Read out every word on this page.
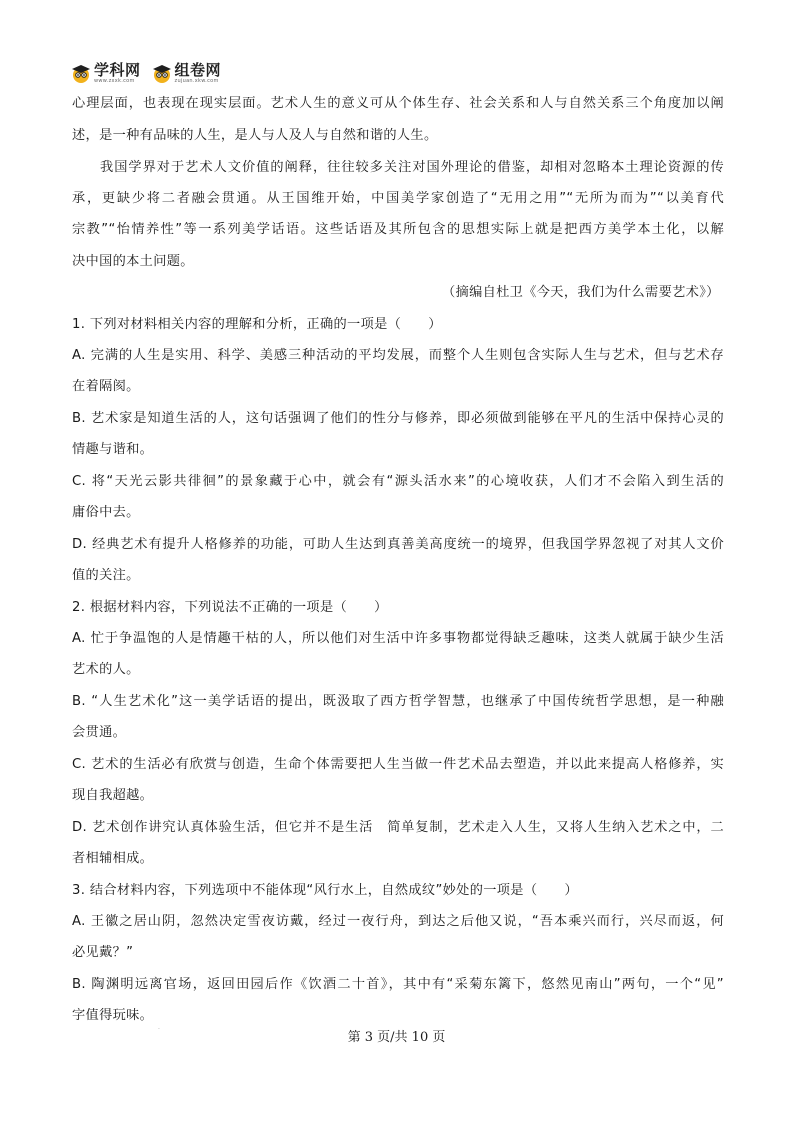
学科网
www.zxxk.com
组卷网
zujuan.xkw.com
心理层面，也表现在现实层面。艺术人生的意义可从个体生存、社会关系和人与自然关系三个角度加以阐
述，是一种有品味的人生，是人与人及人与自然和谐的人生。
我国学界对于艺术人文价值的阐释，往往较多关注对国外理论的借鉴，却相对忽略本土理论资源的传
承，更缺少将二者融会贯通。从王国维开始，中国美学家创造了“无用之用”“无所为而为”“以美育代
宗教”“怡情养性”等一系列美学话语。这些话语及其所包含的思想实际上就是把西方美学本土化，以解
决中国的本土问题。
（摘编自杜卫《今天，我们为什么需要艺术》）
1. 下列对材料相关内容的理解和分析，正确的一项是（　　）
A. 完满的人生是实用、科学、美感三种活动的平均发展，而整个人生则包含实际人生与艺术，但与艺术存
在着隔阂。
B. 艺术家是知道生活的人，这句话强调了他们的性分与修养，即必须做到能够在平凡的生活中保持心灵的
情趣与谐和。
C. 将“天光云影共徘徊”的景象藏于心中，就会有“源头活水来”的心境收获，人们才不会陷入到生活的
庸俗中去。
D. 经典艺术有提升人格修养的功能，可助人生达到真善美高度统一的境界，但我国学界忽视了对其人文价
值的关注。
2. 根据材料内容，下列说法不正确的一项是（　　）
A. 忙于争温饱的人是情趣干枯的人，所以他们对生活中许多事物都觉得缺乏趣味，这类人就属于缺少生活
艺术的人。
B. “人生艺术化”这一美学话语的提出，既汲取了西方哲学智慧，也继承了中国传统哲学思想，是一种融
会贯通。
C. 艺术的生活必有欣赏与创造，生命个体需要把人生当做一件艺术品去塑造，并以此来提高人格修养，实
现自我超越。
D. 艺术创作讲究认真体验生活，但它并不是生活　简单复制，艺术走入人生，又将人生纳入艺术之中，二
者相辅相成。
3. 结合材料内容，下列选项中不能体现“风行水上，自然成纹”妙处的一项是（　　）
A. 王徽之居山阴，忽然决定雪夜访戴，经过一夜行舟，到达之后他又说，“吾本乘兴而行，兴尽而返，何
必见戴？”
B. 陶渊明远离官场，返回田园后作《饮酒二十首》，其中有“采菊东篱下，悠然见南山”两句，一个“见”
字值得玩味。
.
第 3 页/共 10 页
